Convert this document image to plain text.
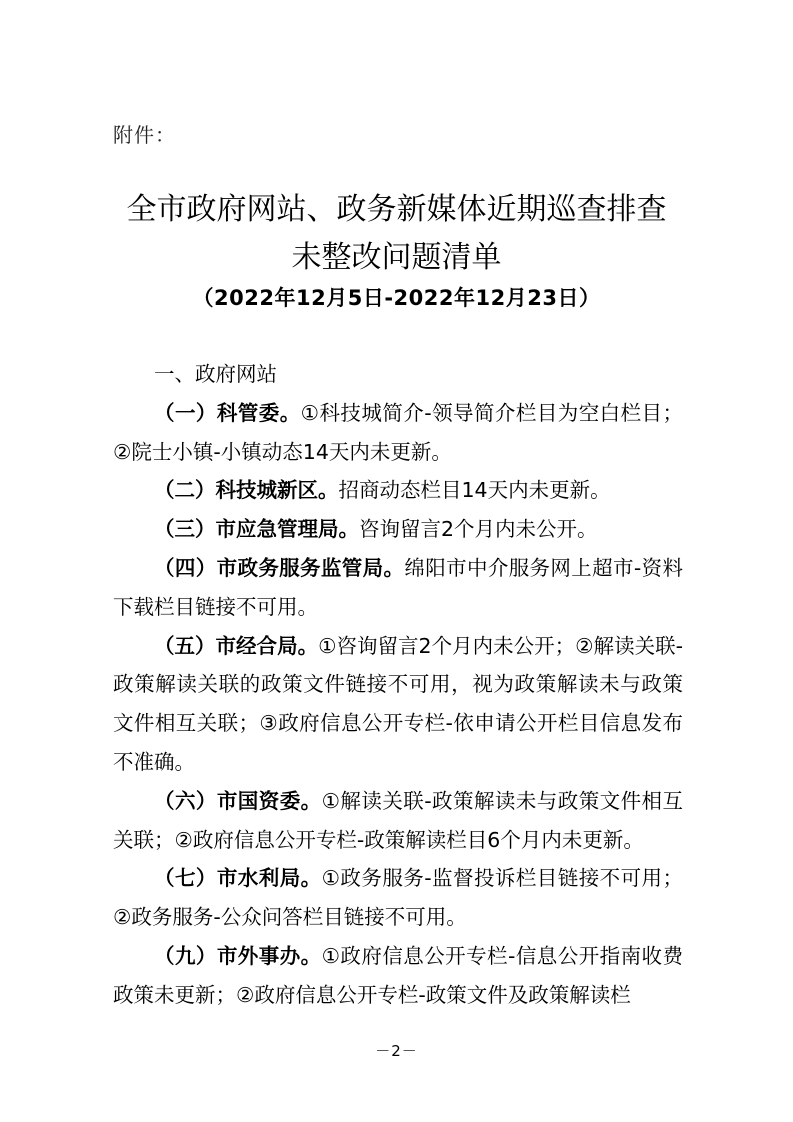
附件：
全市政府网站、政务新媒体近期巡查排查
未整改问题清单
（2022年12月5日-2022年12月23日）

一、政府网站

（一）科管委。①科技城简介-领导简介栏目为空白栏目；②院士小镇-小镇动态14天内未更新。

（二）科技城新区。招商动态栏目14天内未更新。

（三）市应急管理局。咨询留言2个月内未公开。

（四）市政务服务监管局。绵阳市中介服务网上超市-资料下载栏目链接不可用。

（五）市经合局。①咨询留言2个月内未公开；②解读关联-政策解读关联的政策文件链接不可用，视为政策解读未与政策文件相互关联；③政府信息公开专栏-依申请公开栏目信息发布不准确。

（六）市国资委。①解读关联-政策解读未与政策文件相互关联；②政府信息公开专栏-政策解读栏目6个月内未更新。

（七）市水利局。①政务服务-监督投诉栏目链接不可用；②政务服务-公众问答栏目链接不可用。

（九）市外事办。①政府信息公开专栏-信息公开指南收费政策未更新；②政府信息公开专栏-政策文件及政策解读栏

－2－
